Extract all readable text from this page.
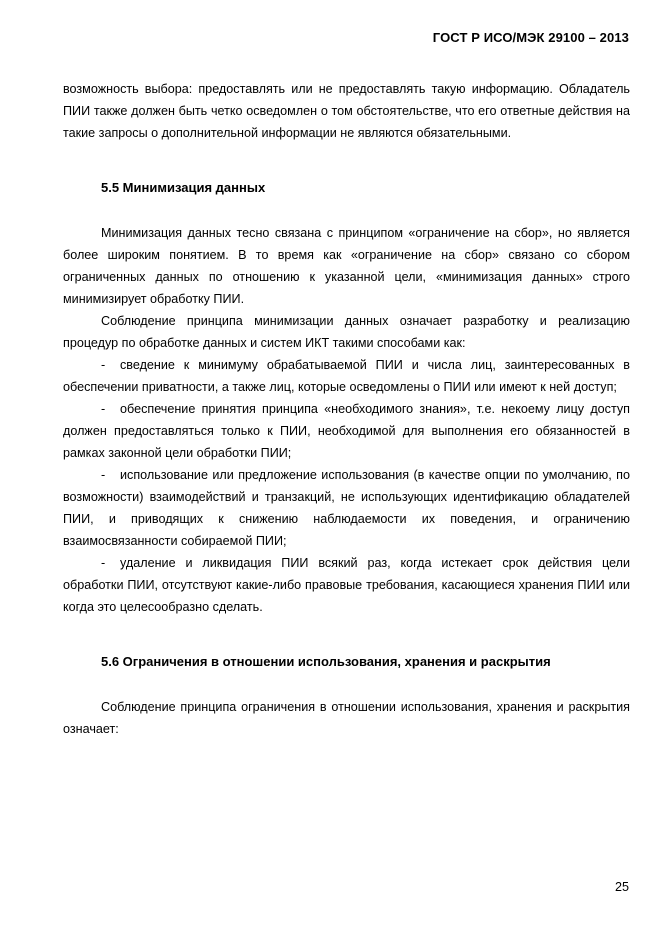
ГОСТ Р ИСО/МЭК 29100 – 2013

возможность выбора: предоставлять или не предоставлять такую информацию. Обладатель ПИИ также должен быть четко осведомлен о том обстоятельстве, что его ответные действия на такие запросы о дополнительной информации не являются обязательными.

5.5 Минимизация данных

Минимизация данных тесно связана с принципом «ограничение на сбор», но является более широким понятием. В то время как «ограничение на сбор» связано со сбором ограниченных данных по отношению к указанной цели, «минимизация данных» строго минимизирует обработку ПИИ.

Соблюдение принципа минимизации данных означает разработку и реализацию процедур по обработке данных и систем ИКТ такими способами как:

- сведение к минимуму обрабатываемой ПИИ и числа лиц, заинтересованных в обеспечении приватности, а также лиц, которые осведомлены о ПИИ или имеют к ней доступ;

- обеспечение принятия принципа «необходимого знания», т.е. некоему лицу доступ должен предоставляться только к ПИИ, необходимой для выполнения его обязанностей в рамках законной цели обработки ПИИ;

- использование или предложение использования (в качестве опции по умолчанию, по возможности) взаимодействий и транзакций, не использующих идентификацию обладателей ПИИ, и приводящих к снижению наблюдаемости их поведения, и ограничению взаимосвязанности собираемой ПИИ;

- удаление и ликвидация ПИИ всякий раз, когда истекает срок действия цели обработки ПИИ, отсутствуют какие-либо правовые требования, касающиеся хранения ПИИ или когда это целесообразно сделать.

5.6 Ограничения в отношении использования, хранения и раскрытия

Соблюдение принципа ограничения в отношении использования, хранения и раскрытия означает:

25
